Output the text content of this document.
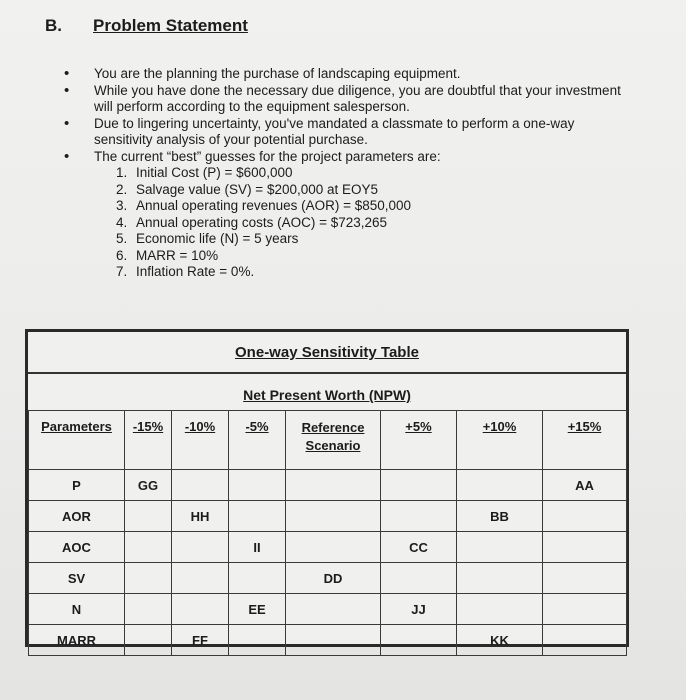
B. Problem Statement

• You are the planning the purchase of landscaping equipment.

• While you have done the necessary due diligence, you are doubtful that your investment will perform according to the equipment salesperson.

• Due to lingering uncertainty, you've mandated a classmate to perform a one-way sensitivity analysis of your potential purchase.

• The current “best” guesses for the project parameters are:

1. Initial Cost (P) = $600,000
2. Salvage value (SV) = $200,000 at EOY5
3. Annual operating revenues (AOR) = $850,000
4. Annual operating costs (AOC) = $723,265
5. Economic life (N) = 5 years
6. MARR = 10%
7. Inflation Rate = 0%.
One-way Sensitivity Table
Net Present Worth (NPW)
Parameters	-15%	-10%	-5%	Reference Scenario	+5%	+10%	+15%
P	GG						AA
AOR		HH				BB	
AOC			II		CC		
SV				DD			
N			EE		JJ		
MARR		FF				KK	
